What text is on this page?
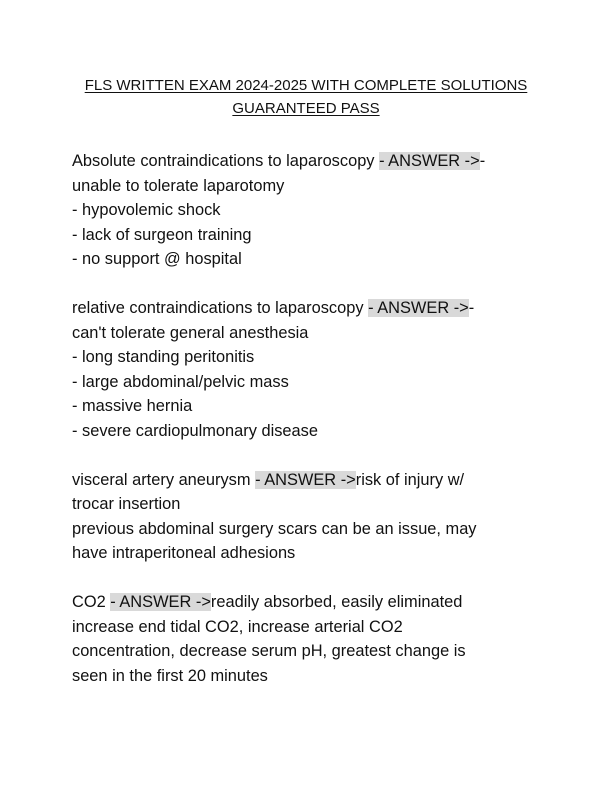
FLS WRITTEN EXAM 2024-2025 WITH COMPLETE SOLUTIONS
GUARANTEED PASS
Absolute contraindications to laparoscopy - ANSWER ->-
unable to tolerate laparotomy
- hypovolemic shock
- lack of surgeon training
- no support @ hospital
relative contraindications to laparoscopy - ANSWER ->-
can't tolerate general anesthesia
- long standing peritonitis
- large abdominal/pelvic mass
- massive hernia
- severe cardiopulmonary disease
visceral artery aneurysm - ANSWER ->risk of injury w/
trocar insertion
previous abdominal surgery scars can be an issue, may
have intraperitoneal adhesions
CO2 - ANSWER ->readily absorbed, easily eliminated
increase end tidal CO2, increase arterial CO2
concentration, decrease serum pH, greatest change is
seen in the first 20 minutes
